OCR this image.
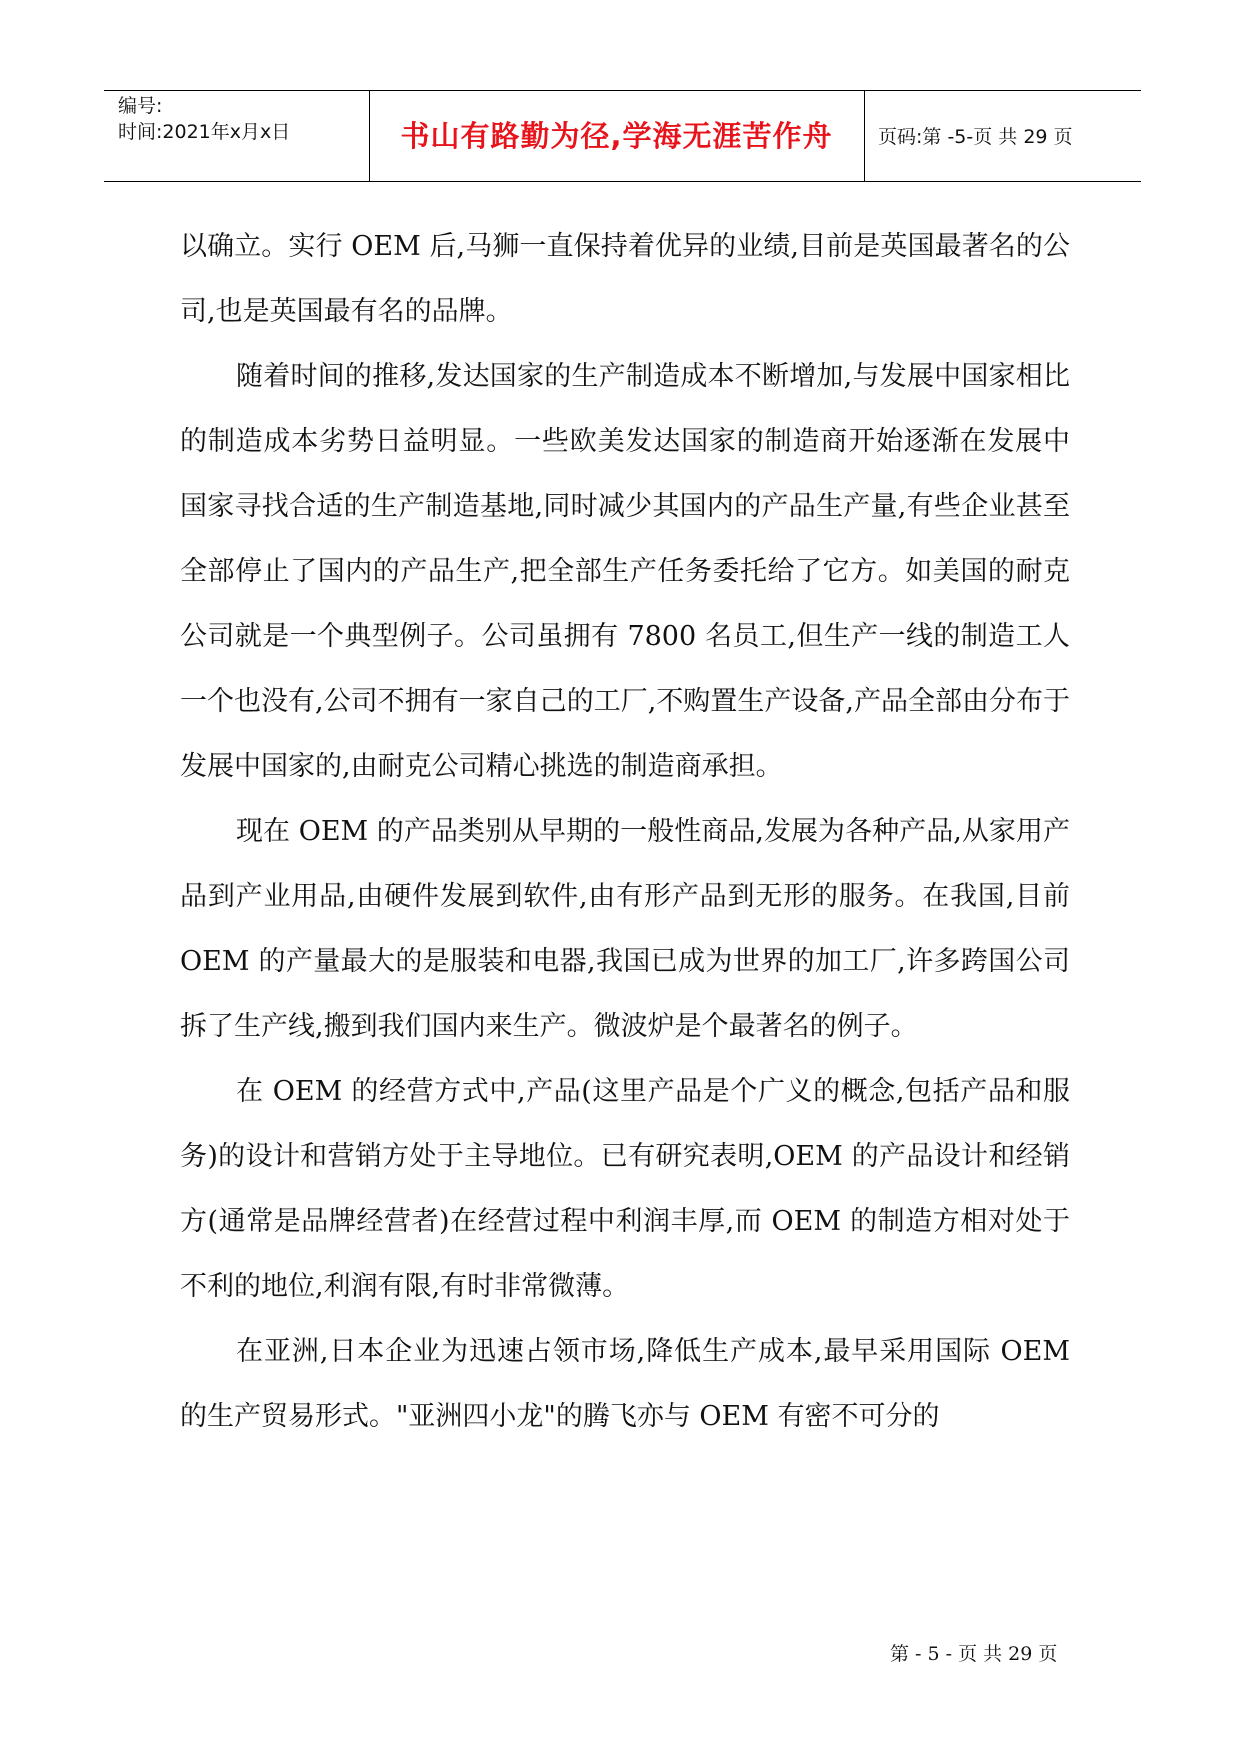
编号:
时间:2021年x月x日	书山有路勤为径,学海无涯苦作舟	页码:第 -5-页 共 29 页

以确立。实行 OEM 后,马狮一直保持着优异的业绩,目前是英国最著名的公司,也是英国最有名的品牌。

随着时间的推移,发达国家的生产制造成本不断增加,与发展中国家相比的制造成本劣势日益明显。一些欧美发达国家的制造商开始逐渐在发展中国家寻找合适的生产制造基地,同时减少其国内的产品生产量,有些企业甚至全部停止了国内的产品生产,把全部生产任务委托给了它方。如美国的耐克公司就是一个典型例子。公司虽拥有 7800 名员工,但生产一线的制造工人一个也没有,公司不拥有一家自己的工厂,不购置生产设备,产品全部由分布于发展中国家的,由耐克公司精心挑选的制造商承担。

现在 OEM 的产品类别从早期的一般性商品,发展为各种产品,从家用产品到产业用品,由硬件发展到软件,由有形产品到无形的服务。在我国,目前 OEM 的产量最大的是服装和电器,我国已成为世界的加工厂,许多跨国公司拆了生产线,搬到我们国内来生产。微波炉是个最著名的例子。

在 OEM 的经营方式中,产品(这里产品是个广义的概念,包括产品和服务)的设计和营销方处于主导地位。已有研究表明,OEM 的产品设计和经销方(通常是品牌经营者)在经营过程中利润丰厚,而 OEM 的制造方相对处于不利的地位,利润有限,有时非常微薄。

在亚洲,日本企业为迅速占领市场,降低生产成本,最早采用国际 OEM 的生产贸易形式。"亚洲四小龙"的腾飞亦与 OEM 有密不可分的

第 - 5 - 页 共 29 页
